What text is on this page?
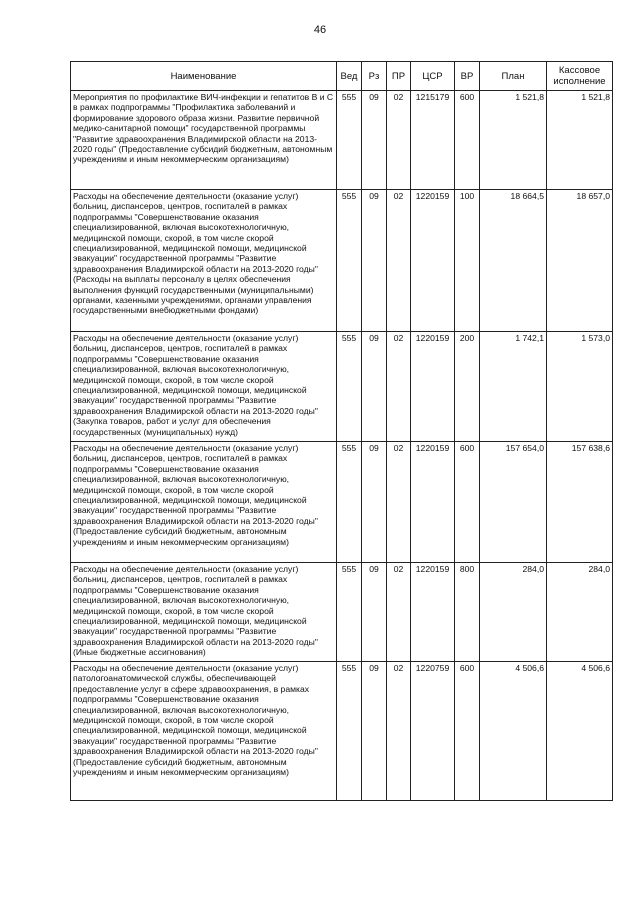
46
Наименование	Вед	Рз	ПР	ЦСР	ВР	План	Кассовое исполнение
Мероприятия по профилактике ВИЧ-инфекции и гепатитов В и С в рамках подпрограммы "Профилактика заболеваний и формирование здорового образа жизни. Развитие первичной медико-санитарной помощи" государственной программы "Развитие здравоохранения Владимирской области на 2013-2020 годы" (Предоставление субсидий бюджетным, автономным учреждениям и иным некоммерческим организациям)	555	09	02	1215179	600	1 521,8	1 521,8
Расходы на обеспечение деятельности (оказание услуг) больниц, диспансеров, центров, госпиталей в рамках подпрограммы "Совершенствование оказания специализированной, включая высокотехнологичную, медицинской помощи, скорой, в том числе скорой специализированной, медицинской помощи, медицинской эвакуации" государственной программы "Развитие здравоохранения Владимирской области на 2013-2020 годы" (Расходы на выплаты персоналу в целях обеспечения выполнения функций государственными (муниципальными) органами, казенными учреждениями, органами управления государственными внебюджетными фондами)	555	09	02	1220159	100	18 664,5	18 657,0
Расходы на обеспечение деятельности (оказание услуг) больниц, диспансеров, центров, госпиталей в рамках подпрограммы "Совершенствование оказания специализированной, включая высокотехнологичную, медицинской помощи, скорой, в том числе скорой специализированной, медицинской помощи, медицинской эвакуации" государственной программы "Развитие здравоохранения Владимирской области на 2013-2020 годы" (Закупка товаров, работ и услуг для обеспечения государственных (муниципальных) нужд)	555	09	02	1220159	200	1 742,1	1 573,0
Расходы на обеспечение деятельности (оказание услуг) больниц, диспансеров, центров, госпиталей в рамках подпрограммы "Совершенствование оказания специализированной, включая высокотехнологичную, медицинской помощи, скорой, в том числе скорой специализированной, медицинской помощи, медицинской эвакуации" государственной программы "Развитие здравоохранения Владимирской области на 2013-2020 годы" (Предоставление субсидий бюджетным, автономным учреждениям и иным некоммерческим организациям)	555	09	02	1220159	600	157 654,0	157 638,6
Расходы на обеспечение деятельности (оказание услуг) больниц, диспансеров, центров, госпиталей в рамках подпрограммы "Совершенствование оказания специализированной, включая высокотехнологичную, медицинской помощи, скорой, в том числе скорой специализированной, медицинской помощи, медицинской эвакуации" государственной программы "Развитие здравоохранения Владимирской области на 2013-2020 годы" (Иные бюджетные ассигнования)	555	09	02	1220159	800	284,0	284,0
Расходы на обеспечение деятельности (оказание услуг) патологоанатомической службы, обеспечивающей предоставление услуг в сфере здравоохранения, в рамках подпрограммы "Совершенствование оказания специализированной, включая высокотехнологичную, медицинской помощи, скорой, в том числе скорой специализированной, медицинской помощи, медицинской эвакуации" государственной программы "Развитие здравоохранения Владимирской области на 2013-2020 годы" (Предоставление субсидий бюджетным, автономным учреждениям и иным некоммерческим организациям)	555	09	02	1220759	600	4 506,6	4 506,6
